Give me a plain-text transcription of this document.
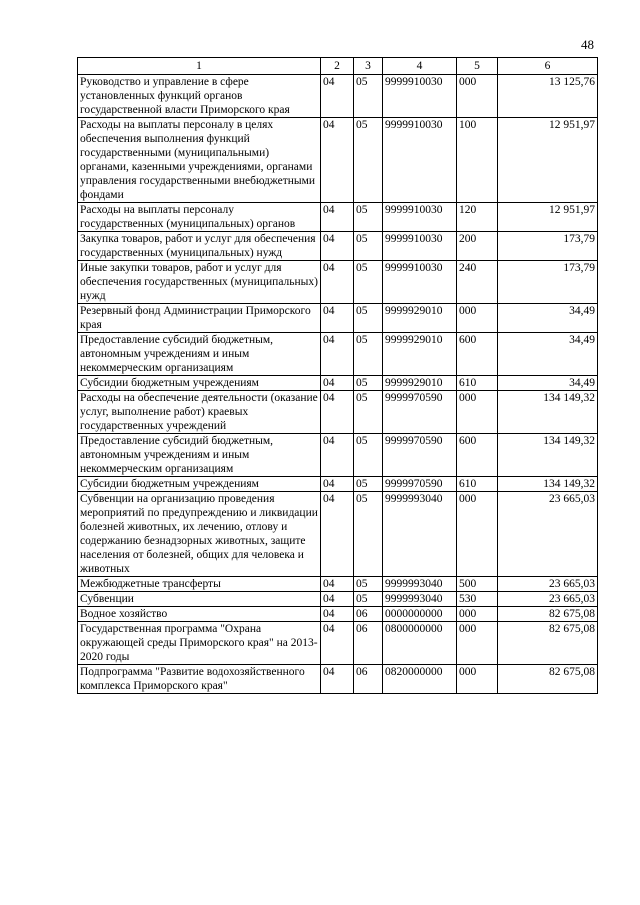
48
1	2	3	4	5	6
Руководство и управление в сфере установленных функций органов государственной власти Приморского края	04	05	9999910030	000	13 125,76
Расходы на выплаты персоналу в целях обеспечения выполнения функций государственными (муниципальными) органами, казенными учреждениями, органами управления государственными внебюджетными фондами	04	05	9999910030	100	12 951,97
Расходы на выплаты персоналу государственных (муниципальных) органов	04	05	9999910030	120	12 951,97
Закупка товаров, работ и услуг для обеспечения государственных (муниципальных) нужд	04	05	9999910030	200	173,79
Иные закупки товаров, работ и услуг для обеспечения государственных (муниципальных) нужд	04	05	9999910030	240	173,79
Резервный фонд Администрации Приморского края	04	05	9999929010	000	34,49
Предоставление субсидий бюджетным, автономным учреждениям и иным некоммерческим организациям	04	05	9999929010	600	34,49
Субсидии бюджетным учреждениям	04	05	9999929010	610	34,49
Расходы на обеспечение деятельности (оказание услуг, выполнение работ) краевых государственных учреждений	04	05	9999970590	000	134 149,32
Предоставление субсидий бюджетным, автономным учреждениям и иным некоммерческим организациям	04	05	9999970590	600	134 149,32
Субсидии бюджетным учреждениям	04	05	9999970590	610	134 149,32
Субвенции на организацию проведения мероприятий по предупреждению и ликвидации болезней животных, их лечению, отлову и содержанию безнадзорных животных, защите населения от болезней, общих для человека и животных	04	05	9999993040	000	23 665,03
Межбюджетные трансферты	04	05	9999993040	500	23 665,03
Субвенции	04	05	9999993040	530	23 665,03
Водное хозяйство	04	06	0000000000	000	82 675,08
Государственная программа "Охрана окружающей среды Приморского края" на 2013-2020 годы	04	06	0800000000	000	82 675,08
Подпрограмма "Развитие водохозяйственного комплекса Приморского края"	04	06	0820000000	000	82 675,08
